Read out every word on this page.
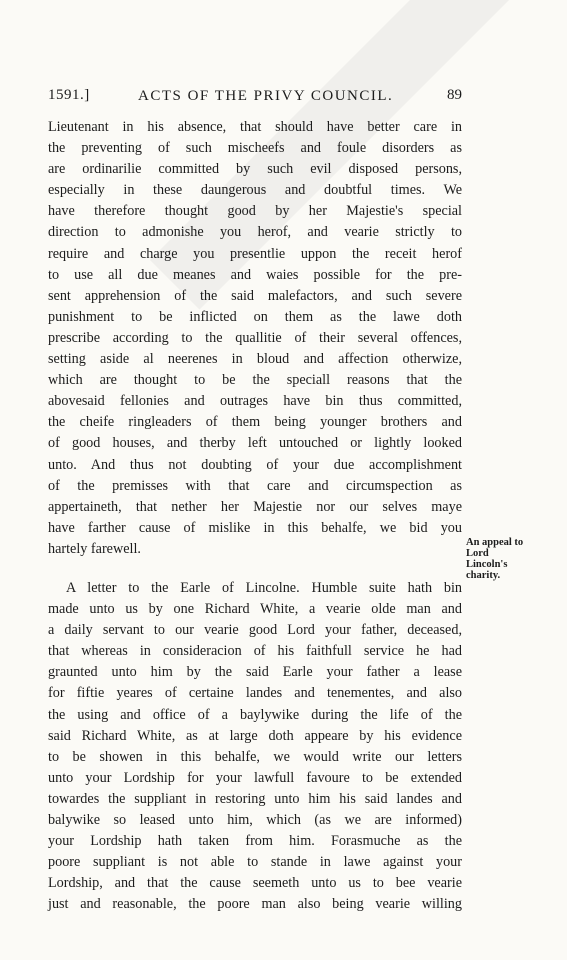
1591.]	ACTS OF THE PRIVY COUNCIL.	89
Lieutenant in his absence, that should have better care in
the preventing of such mischeefs and foule disorders as
are ordinarilie committed by such evil disposed persons,
especially in these daungerous and doubtful times. We
have therefore thought good by her Majestie's special
direction to admonishe you herof, and vearie strictly to
require and charge you presentlie uppon the receit herof
to use all due meanes and waies possible for the pre-
sent apprehension of the said malefactors, and such severe
punishment to be inflicted on them as the lawe doth
prescribe according to the quallitie of their several offences,
setting aside al neerenes in bloud and affection otherwize,
which are thought to be the speciall reasons that the
abovesaid fellonies and outrages have bin thus committed,
the cheife ringleaders of them being younger brothers and
of good houses, and therby left untouched or lightly looked
unto. And thus not doubting of your due accomplishment
of the premisses with that care and circumspection as
appertaineth, that nether her Majestie nor our selves maye
have farther cause of mislike in this behalfe, we bid you
hartely farewell.
A letter to the Earle of Lincolne. Humble suite hath bin
made unto us by one Richard White, a vearie olde man and
a daily servant to our vearie good Lord your father, deceased,
that whereas in consideracion of his faithfull service he had
graunted unto him by the said Earle your father a lease
for fiftie yeares of certaine landes and tenementes, and also
the using and office of a baylywike during the life of the
said Richard White, as at large doth appeare by his evidence
to be showen in this behalfe, we would write our letters
unto your Lordship for your lawfull favoure to be extended
towardes the suppliant in restoring unto him his said landes and
balywike so leased unto him, which (as we are informed)
your Lordship hath taken from him. Forasmuche as the
poore suppliant is not able to stande in lawe against your
Lordship, and that the cause seemeth unto us to bee vearie
just and reasonable, the poore man also being vearie willing
An appeal to
Lord
Lincoln's
charity.
